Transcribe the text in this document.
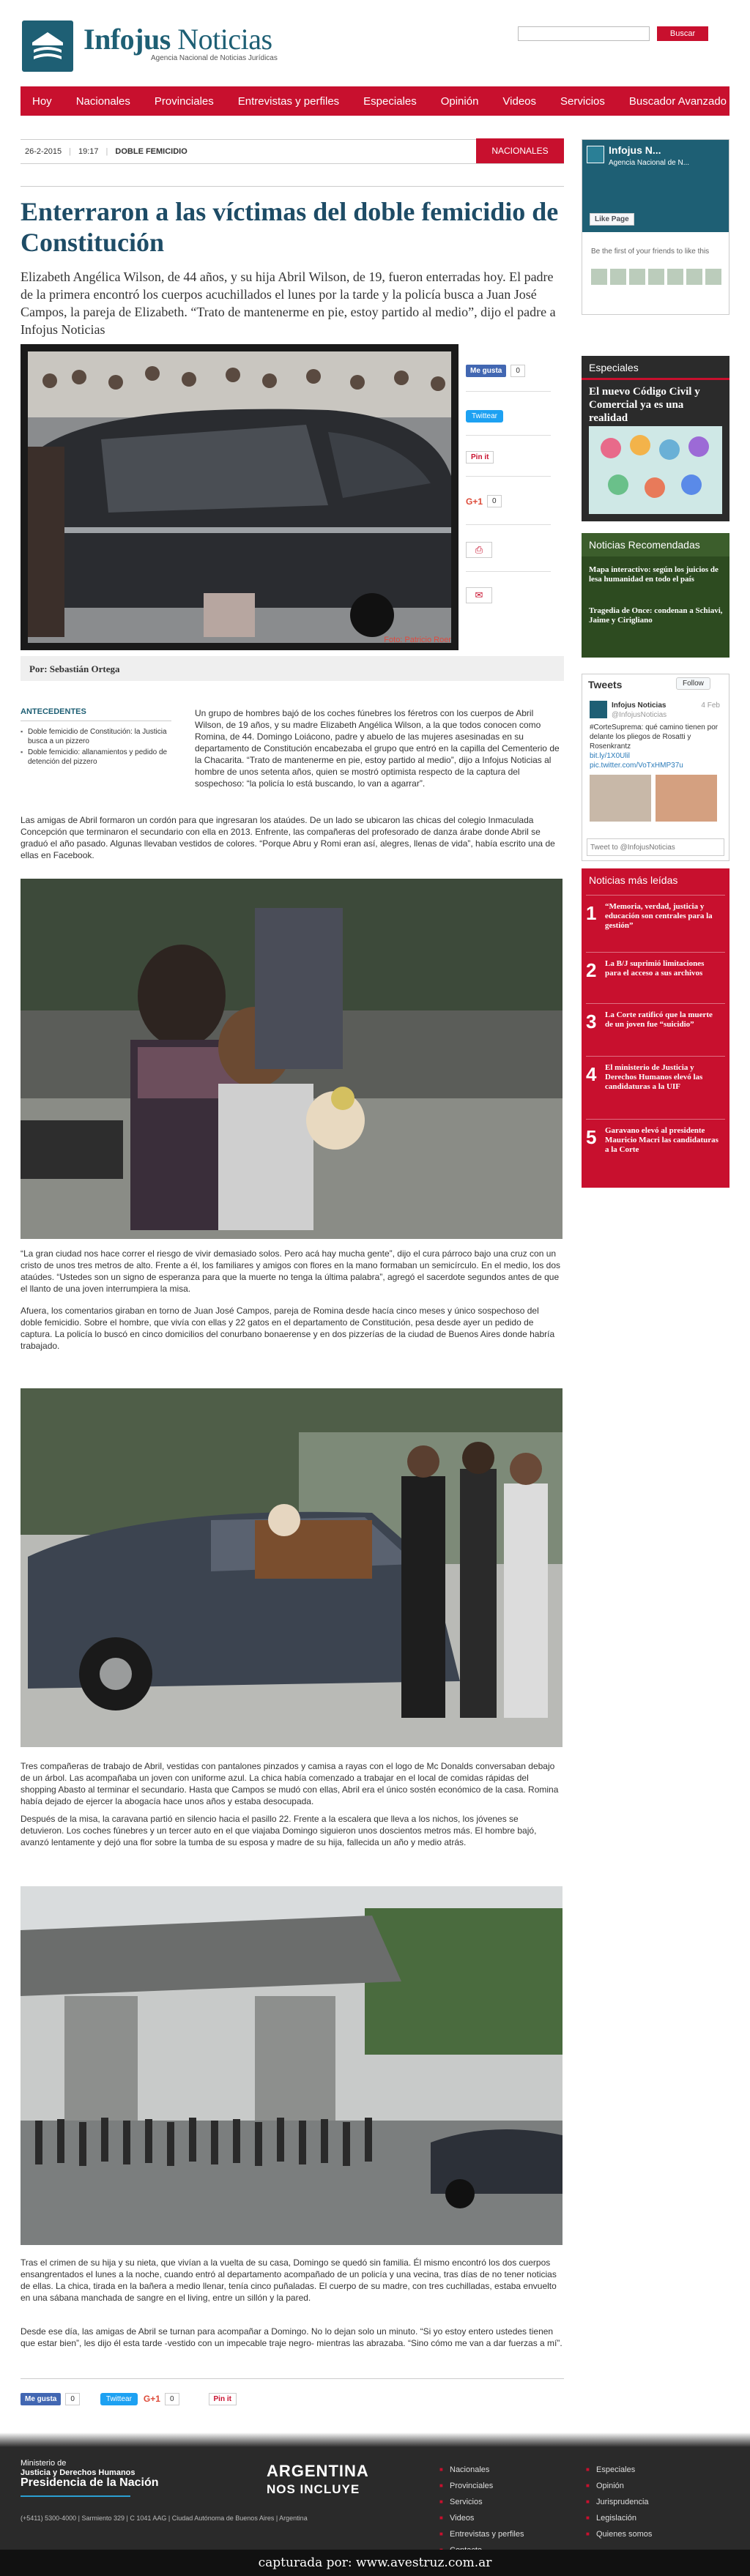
Infojus Noticias
Agencia Nacional de Noticias Jurídicas
Buscar
Hoy Nacionales Provinciales Entrevistas y perfiles Especiales Opinión Videos Servicios Buscador Avanzado
26-2-2015 | 19:17 | DOBLE FEMICIDIO	NACIONALES
Enterraron a las víctimas del doble femicidio de Constitución

Elizabeth Angélica Wilson, de 44 años, y su hija Abril Wilson, de 19, fueron enterradas hoy. El padre de la primera encontró los cuerpos acuchillados el lunes por la tarde y la policía busca a Juan José Campos, la pareja de Elizabeth. “Trato de mantenerme en pie, estoy partido al medio”, dijo el padre a Infojus Noticias

Foto: Patricio Roer
Me gusta	0
Twittear
Pin it
G+1	0
⎙
✉
Por: Sebastián Ortega
ANTECEDENTES
▪ Doble femicidio de Constitución: la Justicia busca a un pizzero
▪ Doble femicidio: allanamientos y pedido de detención del pizzero

Un grupo de hombres bajó de los coches fúnebres los féretros con los cuerpos de Abril Wilson, de 19 años, y su madre Elizabeth Angélica Wilson, a la que todos conocen como Romina, de 44. Domingo Loiácono, padre y abuelo de las mujeres asesinadas en su departamento de Constitución encabezaba el grupo que entró en la capilla del Cementerio de la Chacarita. “Trato de mantenerme en pie, estoy partido al medio”, dijo a Infojus Noticias al hombre de unos setenta años, quien se mostró optimista respecto de la captura del sospechoso: “la policía lo está buscando, lo van a agarrar”.

Las amigas de Abril formaron un cordón para que ingresaran los ataúdes. De un lado se ubicaron las chicas del colegio Inmaculada Concepción que terminaron el secundario con ella en 2013. Enfrente, las compañeras del profesorado de danza árabe donde Abril se graduó el año pasado. Algunas llevaban vestidos de colores. “Porque Abru y Romi eran así, alegres, llenas de vida”, había escrito una de ellas en Facebook.

“La gran ciudad nos hace correr el riesgo de vivir demasiado solos. Pero acá hay mucha gente”, dijo el cura párroco bajo una cruz con un cristo de unos tres metros de alto. Frente a él, los familiares y amigos con flores en la mano formaban un semicírculo. En el medio, los dos ataúdes. “Ustedes son un signo de esperanza para que la muerte no tenga la última palabra”, agregó el sacerdote segundos antes de que el llanto de una joven interrumpiera la misa.

Afuera, los comentarios giraban en torno de Juan José Campos, pareja de Romina desde hacía cinco meses y único sospechoso del doble femicidio. Sobre el hombre, que vivía con ellas y 22 gatos en el departamento de Constitución, pesa desde ayer un pedido de captura. La policía lo buscó en cinco domicilios del conurbano bonaerense y en dos pizzerías de la ciudad de Buenos Aires donde habría trabajado.

Tres compañeras de trabajo de Abril, vestidas con pantalones pinzados y camisa a rayas con el logo de Mc Donalds conversaban debajo de un árbol. Las acompañaba un joven con uniforme azul. La chica había comenzado a trabajar en el local de comidas rápidas del shopping Abasto al terminar el secundario. Hasta que Campos se mudó con ellas, Abril era el único sostén económico de la casa. Romina había dejado de ejercer la abogacía hace unos años y estaba desocupada.

Después de la misa, la caravana partió en silencio hacia el pasillo 22. Frente a la escalera que lleva a los nichos, los jóvenes se detuvieron. Los coches fúnebres y un tercer auto en el que viajaba Domingo siguieron unos doscientos metros más. El hombre bajó, avanzó lentamente y dejó una flor sobre la tumba de su esposa y madre de su hija, fallecida un año y medio atrás.

Tras el crimen de su hija y su nieta, que vivían a la vuelta de su casa, Domingo se quedó sin familia. Él mismo encontró los dos cuerpos ensangrentados el lunes a la noche, cuando entró al departamento acompañado de un policía y una vecina, tras días de no tener noticias de ellas. La chica, tirada en la bañera a medio llenar, tenía cinco puñaladas. El cuerpo de su madre, con tres cuchilladas, estaba envuelto en una sábana manchada de sangre en el living, entre un sillón y la pared.

Desde ese día, las amigas de Abril se turnan para acompañar a Domingo. No lo dejan solo un minuto. “Si yo estoy entero ustedes tienen que estar bien”, les dijo él esta tarde -vestido con un impecable traje negro- mientras las abrazaba. “Sino cómo me van a dar fuerzas a mí”.

Me gusta	0	Twittear	G+1	0	Pin it
Infojus N...
Agencia Nacional de N...
Like Page
Be the first of your friends to like this
Especiales
El nuevo Código Civil y Comercial ya es una realidad
Noticias Recomendadas
Mapa interactivo: según los juicios de lesa humanidad en todo el país
Tragedia de Once: condenan a Schiavi, Jaime y Cirigliano
Tweets	Follow
Infojus Noticias	4 Feb

@InfojusNoticias
#CorteSuprema: qué camino tienen por delante los pliegos de Rosatti y Rosenkrantz
bit.ly/1X0Ulil pic.twitter.com/VoTxHMP37u
Tweet to @InfojusNoticias
Noticias más leídas
1	“Memoria, verdad, justicia y educación son centrales para la gestión”
2	La B/J suprimió limitaciones para el acceso a sus archivos
3	La Corte ratificó que la muerte de un joven fue “suicidio”
4	El ministerio de Justicia y Derechos Humanos elevó las candidaturas a la UIF
5	Garavano elevó al presidente Mauricio Macri las candidaturas a la Corte
Ministerio de
Justicia y Derechos Humanos
Presidencia de la Nación
(+5411) 5300-4000 | Sarmiento 329 | C 1041 AAG | Ciudad Autónoma de Buenos Aires | Argentina
ARGENTINA
NOS INCLUYE
■ Nacionales
■ Provinciales
■ Servicios
■ Videos
■ Entrevistas y perfiles
■
■ Especiales
■ Opinión
■ Jurisprudencia
■ Legislación
■ Quienes somos
capturada por: www.avestruz.com.ar
